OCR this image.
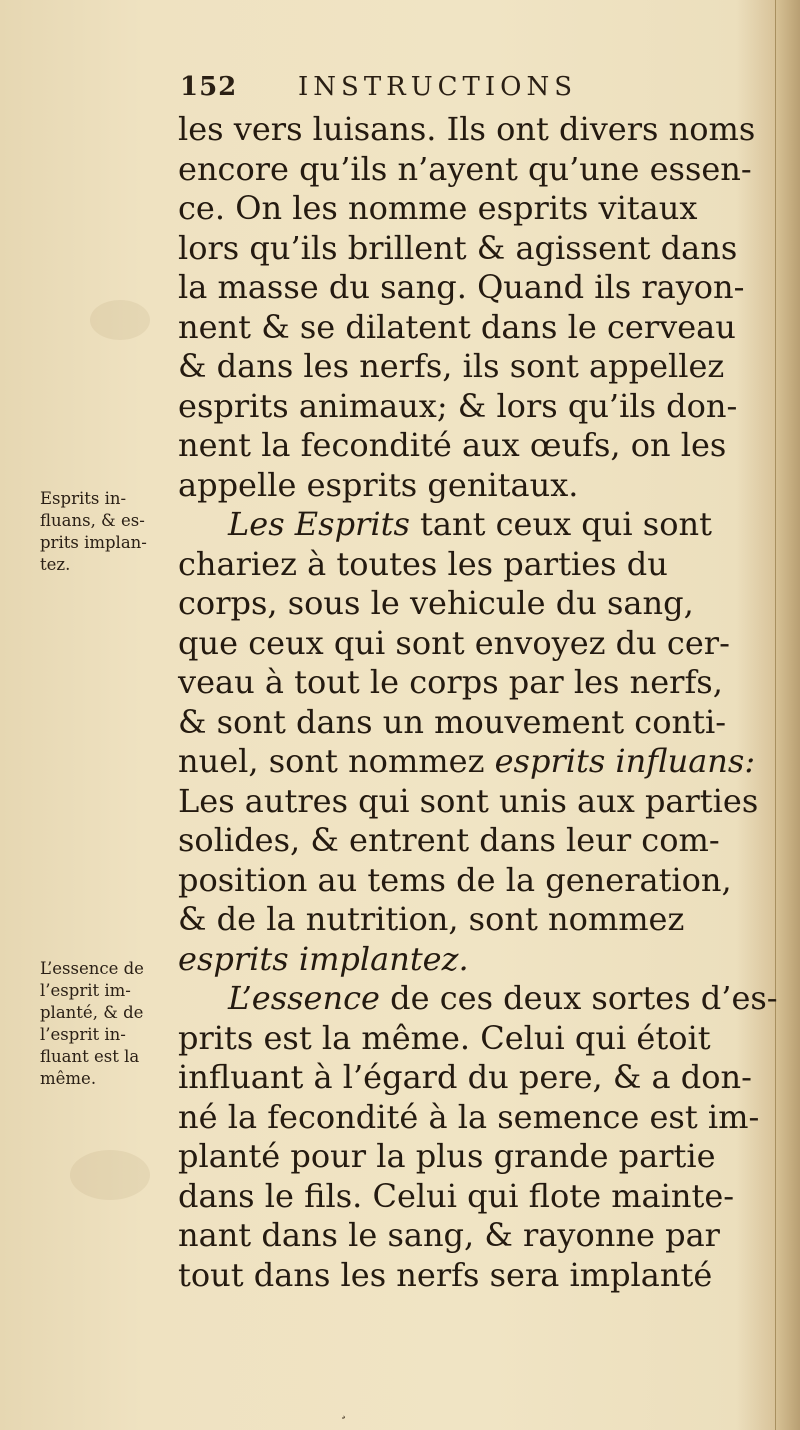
152 INSTRUCTIONS
les vers luisans. Ils ont divers noms
encore qu’ils n’ayent qu’une essen-
ce. On les nomme esprits vitaux
lors qu’ils brillent & agissent dans
la masse du sang. Quand ils rayon-
nent & se dilatent dans le cerveau
& dans les nerfs, ils sont appellez
esprits animaux; & lors qu’ils don-
nent la fecondité aux œufs, on les
appelle esprits genitaux.
Les Esprits tant ceux qui sont
chariez à toutes les parties du
corps, sous le vehicule du sang,
que ceux qui sont envoyez du cer-
veau à tout le corps par les nerfs,
& sont dans un mouvement conti-
nuel, sont nommez esprits influans:
Les autres qui sont unis aux parties
solides, & entrent dans leur com-
position au tems de la generation,
& de la nutrition, sont nommez
esprits implantez.
L’essence de ces deux sortes d’es-
prits est la même. Celui qui étoit
influant à l’égard du pere, & a don-
né la fecondité à la semence est im-
planté pour la plus grande partie
dans le fils. Celui qui flote mainte-
nant dans le sang, & rayonne par
tout dans les nerfs sera implanté
Esprits in-
fluans, & es-
prits implan-
tez.
L’essence de
l’esprit im-
planté, & de
l’esprit in-
fluant est la
même.
¸
